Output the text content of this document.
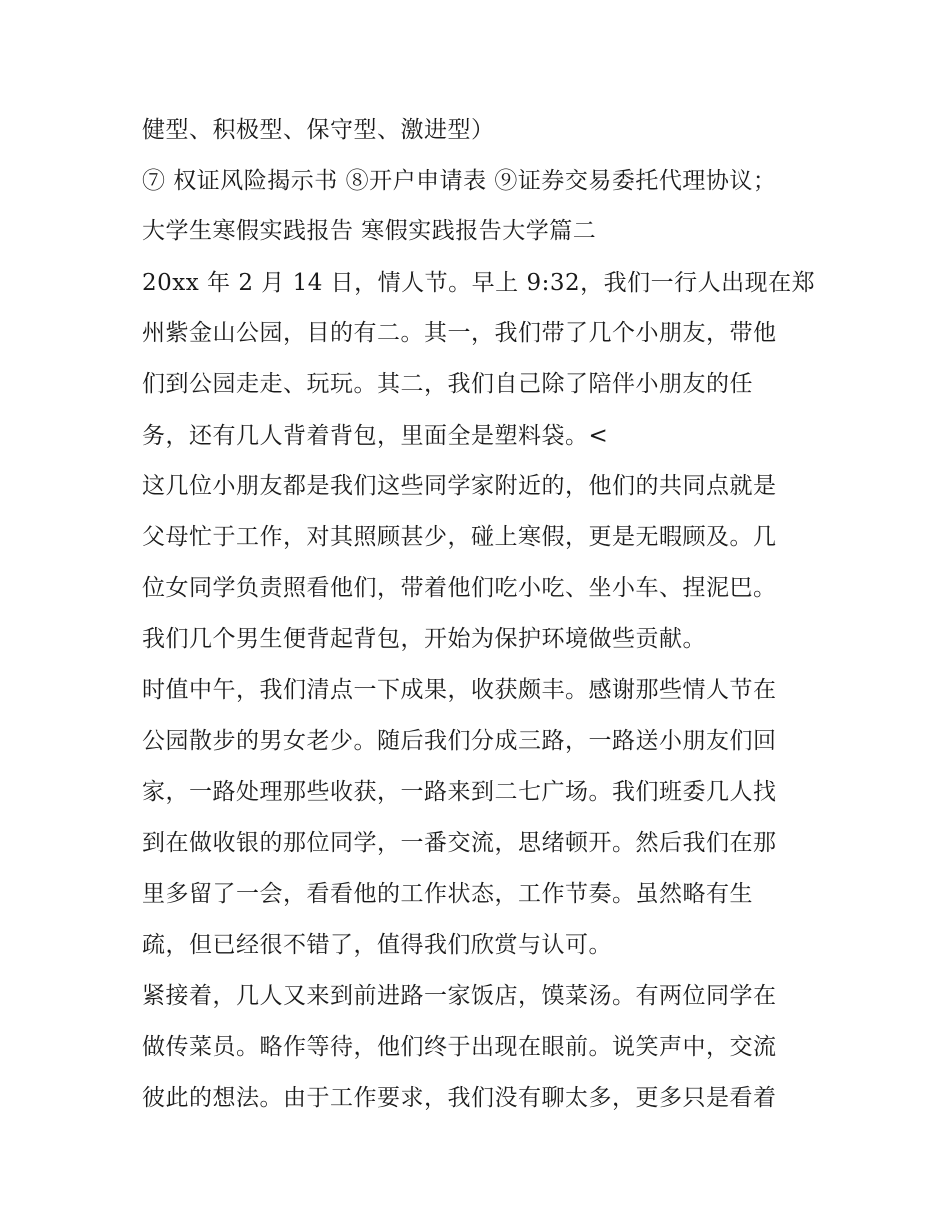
健型、积极型、保守型、激进型）
⑦ 权证风险揭示书 ⑧开户申请表 ⑨证券交易委托代理协议；
大学生寒假实践报告 寒假实践报告大学篇二
20xx 年 2 月 14 日，情人节。早上 9:32，我们一行人出现在郑
州紫金山公园，目的有二。其一，我们带了几个小朋友，带他
们到公园走走、玩玩。其二，我们自己除了陪伴小朋友的任
务，还有几人背着背包，里面全是塑料袋。<
这几位小朋友都是我们这些同学家附近的，他们的共同点就是
父母忙于工作，对其照顾甚少，碰上寒假，更是无暇顾及。几
位女同学负责照看他们，带着他们吃小吃、坐小车、捏泥巴。
我们几个男生便背起背包，开始为保护环境做些贡献。
时值中午，我们清点一下成果，收获颇丰。感谢那些情人节在
公园散步的男女老少。随后我们分成三路，一路送小朋友们回
家，一路处理那些收获，一路来到二七广场。我们班委几人找
到在做收银的那位同学，一番交流，思绪顿开。然后我们在那
里多留了一会，看看他的工作状态，工作节奏。虽然略有生
疏，但已经很不错了，值得我们欣赏与认可。
紧接着，几人又来到前进路一家饭店，馍菜汤。有两位同学在
做传菜员。略作等待，他们终于出现在眼前。说笑声中，交流
彼此的想法。由于工作要求，我们没有聊太多，更多只是看着
